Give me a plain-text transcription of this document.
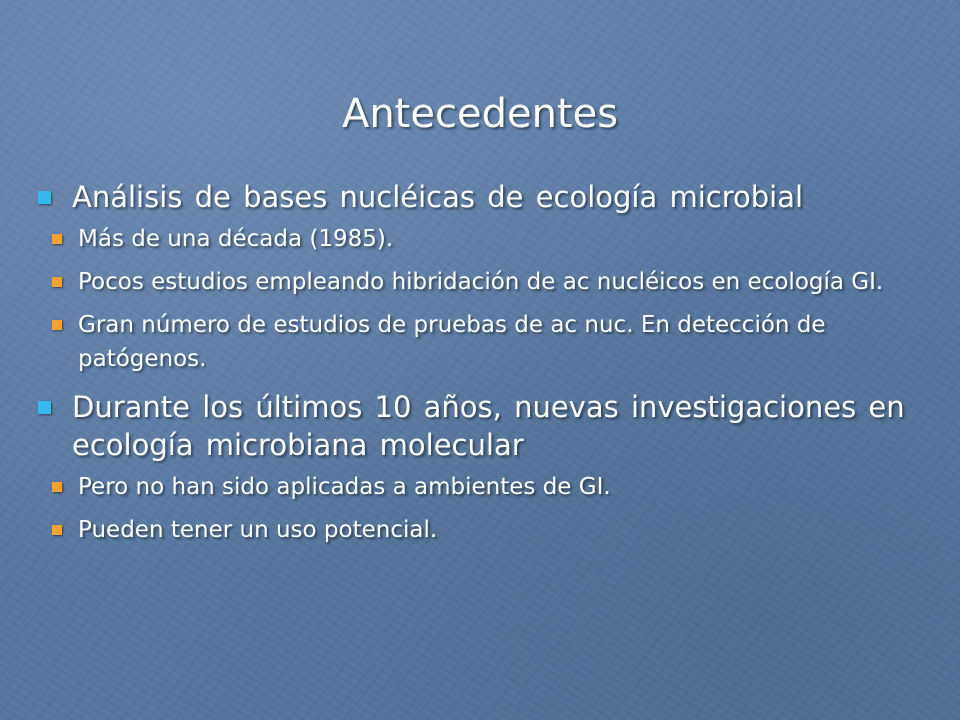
Antecedentes
Análisis de bases nucléicas de ecología microbial
Más de una década (1985).
Pocos estudios empleando hibridación de ac nucléicos en ecología GI.
Gran número de estudios de pruebas de ac nuc. En detección de patógenos.
Durante los últimos 10 años, nuevas investigaciones en ecología microbiana molecular
Pero no han sido aplicadas a ambientes de GI.
Pueden tener un uso potencial.
